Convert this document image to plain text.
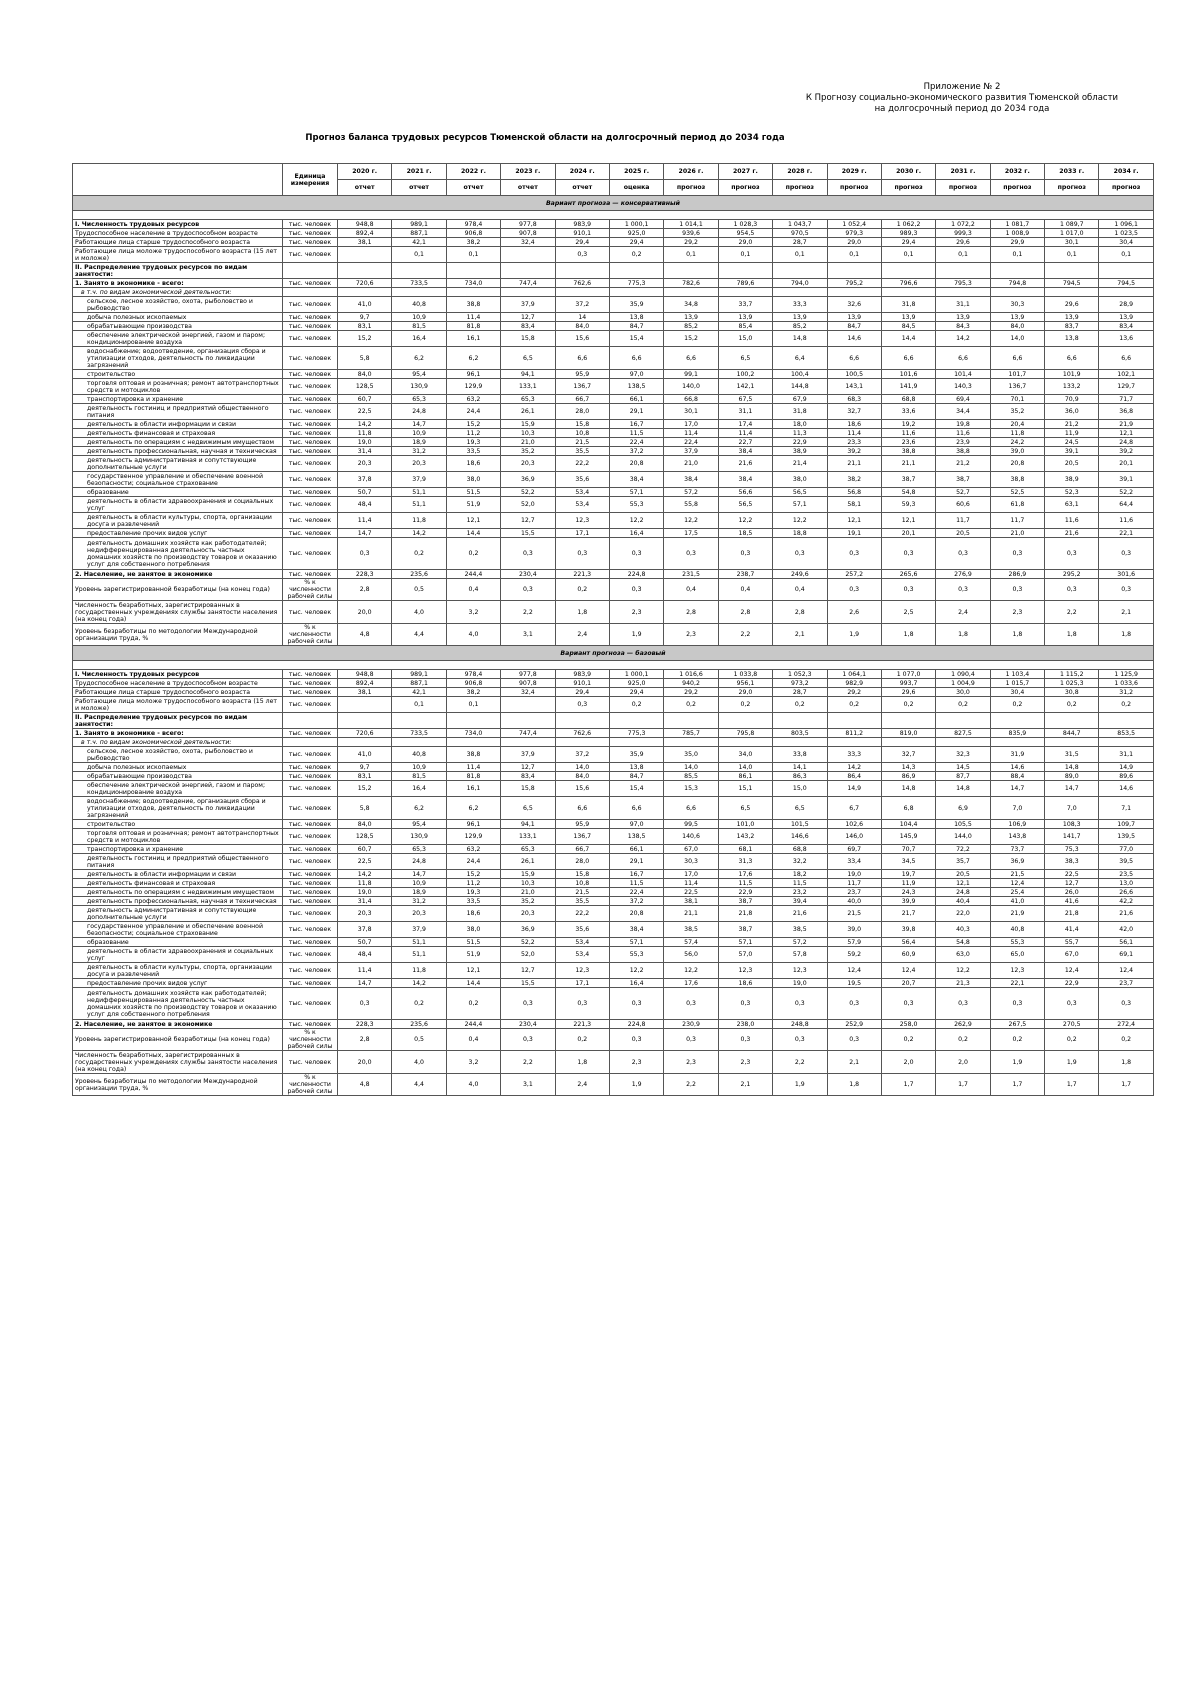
Приложение № 2
К Прогнозу социально-экономического развития Тюменской области
на долгосрочный период до 2034 года
Прогноз баланса трудовых ресурсов Тюменской области на долгосрочный период до 2034 года
	Единица измерения	2020 г.	2021 г.	2022 г.	2023 г.	2024 г.	2025 г.	2026 г.	2027 г.	2028 г.	2029 г.	2030 г.	2031 г.	2032 г.	2033 г.	2034 г.
		отчет	отчет	отчет	отчет	отчет	оценка	прогноз	прогноз	прогноз	прогноз	прогноз	прогноз	прогноз	прогноз	прогноз
Вариант прогноза — консервативный																

I. Численность трудовых ресурсов	тыс. человек	948,8	989,1	978,4	977,8	983,9	1 000,1	1 014,1	1 028,3	1 043,7	1 052,4	1 062,2	1 072,2	1 081,7	1 089,7	1 096,1
Трудоспособное население в трудоспособном возрасте	тыс. человек	892,4	887,1	906,8	907,8	910,1	925,0	939,6	954,5	970,5	979,3	989,3	999,3	1 008,9	1 017,0	1 023,5
Работающие лица старше трудоспособного возраста	тыс. человек	38,1	42,1	38,2	32,4	29,4	29,4	29,2	29,0	28,7	29,0	29,4	29,6	29,9	30,1	30,4
Работающие лица моложе трудоспособного возраста (15 лет и моложе)	тыс. человек		0,1	0,1		0,3	0,2	0,1	0,1	0,1	0,1	0,1	0,1	0,1	0,1	0,1
II. Распределение трудовых ресурсов по видам занятости:																
1. Занято в экономике - всего:	тыс. человек	720,6	733,5	734,0	747,4	762,6	775,3	782,6	789,6	794,0	795,2	796,6	795,3	794,8	794,5	794,5
в т.ч. по видам экономической деятельности:																
сельское, лесное хозяйство, охота, рыболовство и рыбоводство	тыс. человек	41,0	40,8	38,8	37,9	37,2	35,9	34,8	33,7	33,3	32,6	31,8	31,1	30,3	29,6	28,9
добыча полезных ископаемых	тыс. человек	9,7	10,9	11,4	12,7	14	13,8	13,9	13,9	13,9	13,9	13,9	13,9	13,9	13,9	13,9
обрабатывающие производства	тыс. человек	83,1	81,5	81,8	83,4	84,0	84,7	85,2	85,4	85,2	84,7	84,5	84,3	84,0	83,7	83,4
обеспечение электрической энергией, газом и паром; кондиционирование воздуха	тыс. человек	15,2	16,4	16,1	15,8	15,6	15,4	15,2	15,0	14,8	14,6	14,4	14,2	14,0	13,8	13,6
водоснабжение; водоотведение, организация сбора и утилизации отходов, деятельность по ликвидации загрязнений	тыс. человек	5,8	6,2	6,2	6,5	6,6	6,6	6,6	6,5	6,4	6,6	6,6	6,6	6,6	6,6	6,6
строительство	тыс. человек	84,0	95,4	96,1	94,1	95,9	97,0	99,1	100,2	100,4	100,5	101,6	101,4	101,7	101,9	102,1
торговля оптовая и розничная; ремонт автотранспортных средств и мотоциклов	тыс. человек	128,5	130,9	129,9	133,1	136,7	138,5	140,0	142,1	144,8	143,1	141,9	140,3	136,7	133,2	129,7
транспортировка и хранение	тыс. человек	60,7	65,3	63,2	65,3	66,7	66,1	66,8	67,5	67,9	68,3	68,8	69,4	70,1	70,9	71,7
деятельность гостиниц и предприятий общественного питания	тыс. человек	22,5	24,8	24,4	26,1	28,0	29,1	30,1	31,1	31,8	32,7	33,6	34,4	35,2	36,0	36,8
деятельность в области информации и связи	тыс. человек	14,2	14,7	15,2	15,9	15,8	16,7	17,0	17,4	18,0	18,6	19,2	19,8	20,4	21,2	21,9
деятельность финансовая и страховая	тыс. человек	11,8	10,9	11,2	10,3	10,8	11,5	11,4	11,4	11,3	11,4	11,6	11,6	11,8	11,9	12,1
деятельность по операциям с недвижимым имуществом	тыс. человек	19,0	18,9	19,3	21,0	21,5	22,4	22,4	22,7	22,9	23,3	23,6	23,9	24,2	24,5	24,8
деятельность профессиональная, научная и техническая	тыс. человек	31,4	31,2	33,5	35,2	35,5	37,2	37,9	38,4	38,9	39,2	38,8	38,8	39,0	39,1	39,2
деятельность административная и сопутствующие дополнительные услуги	тыс. человек	20,3	20,3	18,6	20,3	22,2	20,8	21,0	21,6	21,4	21,1	21,1	21,2	20,8	20,5	20,1
государственное управление и обеспечение военной безопасности; социальное страхование	тыс. человек	37,8	37,9	38,0	36,9	35,6	38,4	38,4	38,4	38,0	38,2	38,7	38,7	38,8	38,9	39,1
образование	тыс. человек	50,7	51,1	51,5	52,2	53,4	57,1	57,2	56,6	56,5	56,8	54,8	52,7	52,5	52,3	52,2
деятельность в области здравоохранения и социальных услуг	тыс. человек	48,4	51,1	51,9	52,0	53,4	55,3	55,8	56,5	57,1	58,1	59,3	60,6	61,8	63,1	64,4
деятельность в области культуры, спорта, организации досуга и развлечений	тыс. человек	11,4	11,8	12,1	12,7	12,3	12,2	12,2	12,2	12,2	12,1	12,1	11,7	11,7	11,6	11,6
предоставление прочих видов услуг	тыс. человек	14,7	14,2	14,4	15,5	17,1	16,4	17,5	18,5	18,8	19,1	20,1	20,5	21,0	21,6	22,1
деятельность домашних хозяйств как работодателей; недифференцированная деятельность частных домашних хозяйств по производству товаров и оказанию услуг для собственного потребления	тыс. человек	0,3	0,2	0,2	0,3	0,3	0,3	0,3	0,3	0,3	0,3	0,3	0,3	0,3	0,3	0,3
2. Население, не занятое в экономике	тыс. человек	228,3	235,6	244,4	230,4	221,3	224,8	231,5	238,7	249,6	257,2	265,6	276,9	286,9	295,2	301,6
Уровень зарегистрированной безработицы (на конец года)	% к численности рабочей силы	2,8	0,5	0,4	0,3	0,2	0,3	0,4	0,4	0,4	0,3	0,3	0,3	0,3	0,3	0,3
Численность безработных, зарегистрированных в государственных учреждениях службы занятости населения (на конец года)	тыс. человек	20,0	4,0	3,2	2,2	1,8	2,3	2,8	2,8	2,8	2,6	2,5	2,4	2,3	2,2	2,1
Уровень безработицы по методологии Международной организации труда, %	% к численности рабочей силы	4,8	4,4	4,0	3,1	2,4	1,9	2,3	2,2	2,1	1,9	1,8	1,8	1,8	1,8	1,8
Вариант прогноза — базовый																

I. Численность трудовых ресурсов	тыс. человек	948,8	989,1	978,4	977,8	983,9	1 000,1	1 016,6	1 033,8	1 052,3	1 064,1	1 077,0	1 090,4	1 103,4	1 115,2	1 125,9
Трудоспособное население в трудоспособном возрасте	тыс. человек	892,4	887,1	906,8	907,8	910,1	925,0	940,2	956,1	973,2	982,9	993,7	1 004,9	1 015,7	1 025,3	1 033,6
Работающие лица старше трудоспособного возраста	тыс. человек	38,1	42,1	38,2	32,4	29,4	29,4	29,2	29,0	28,7	29,2	29,6	30,0	30,4	30,8	31,2
Работающие лица моложе трудоспособного возраста (15 лет и моложе)	тыс. человек		0,1	0,1		0,3	0,2	0,2	0,2	0,2	0,2	0,2	0,2	0,2	0,2	0,2
II. Распределение трудовых ресурсов по видам занятости:																
1. Занято в экономике - всего:	тыс. человек	720,6	733,5	734,0	747,4	762,6	775,3	785,7	795,8	803,5	811,2	819,0	827,5	835,9	844,7	853,5
в т.ч. по видам экономической деятельности:																
сельское, лесное хозяйство, охота, рыболовство и рыбоводство	тыс. человек	41,0	40,8	38,8	37,9	37,2	35,9	35,0	34,0	33,8	33,3	32,7	32,3	31,9	31,5	31,1
добыча полезных ископаемых	тыс. человек	9,7	10,9	11,4	12,7	14,0	13,8	14,0	14,0	14,1	14,2	14,3	14,5	14,6	14,8	14,9
обрабатывающие производства	тыс. человек	83,1	81,5	81,8	83,4	84,0	84,7	85,5	86,1	86,3	86,4	86,9	87,7	88,4	89,0	89,6
обеспечение электрической энергией, газом и паром; кондиционирование воздуха	тыс. человек	15,2	16,4	16,1	15,8	15,6	15,4	15,3	15,1	15,0	14,9	14,8	14,8	14,7	14,7	14,6
водоснабжение; водоотведение, организация сбора и утилизации отходов, деятельность по ликвидации загрязнений	тыс. человек	5,8	6,2	6,2	6,5	6,6	6,6	6,6	6,5	6,5	6,7	6,8	6,9	7,0	7,0	7,1
строительство	тыс. человек	84,0	95,4	96,1	94,1	95,9	97,0	99,5	101,0	101,5	102,6	104,4	105,5	106,9	108,3	109,7
торговля оптовая и розничная; ремонт автотранспортных средств и мотоциклов	тыс. человек	128,5	130,9	129,9	133,1	136,7	138,5	140,6	143,2	146,6	146,0	145,9	144,0	143,8	141,7	139,5
транспортировка и хранение	тыс. человек	60,7	65,3	63,2	65,3	66,7	66,1	67,0	68,1	68,8	69,7	70,7	72,2	73,7	75,3	77,0
деятельность гостиниц и предприятий общественного питания	тыс. человек	22,5	24,8	24,4	26,1	28,0	29,1	30,3	31,3	32,2	33,4	34,5	35,7	36,9	38,3	39,5
деятельность в области информации и связи	тыс. человек	14,2	14,7	15,2	15,9	15,8	16,7	17,0	17,6	18,2	19,0	19,7	20,5	21,5	22,5	23,5
деятельность финансовая и страховая	тыс. человек	11,8	10,9	11,2	10,3	10,8	11,5	11,4	11,5	11,5	11,7	11,9	12,1	12,4	12,7	13,0
деятельность по операциям с недвижимым имуществом	тыс. человек	19,0	18,9	19,3	21,0	21,5	22,4	22,5	22,9	23,2	23,7	24,3	24,8	25,4	26,0	26,6
деятельность профессиональная, научная и техническая	тыс. человек	31,4	31,2	33,5	35,2	35,5	37,2	38,1	38,7	39,4	40,0	39,9	40,4	41,0	41,6	42,2
деятельность административная и сопутствующие дополнительные услуги	тыс. человек	20,3	20,3	18,6	20,3	22,2	20,8	21,1	21,8	21,6	21,5	21,7	22,0	21,9	21,8	21,6
государственное управление и обеспечение военной безопасности; социальное страхование	тыс. человек	37,8	37,9	38,0	36,9	35,6	38,4	38,5	38,7	38,5	39,0	39,8	40,3	40,8	41,4	42,0
образование	тыс. человек	50,7	51,1	51,5	52,2	53,4	57,1	57,4	57,1	57,2	57,9	56,4	54,8	55,3	55,7	56,1
деятельность в области здравоохранения и социальных услуг	тыс. человек	48,4	51,1	51,9	52,0	53,4	55,3	56,0	57,0	57,8	59,2	60,9	63,0	65,0	67,0	69,1
деятельность в области культуры, спорта, организации досуга и развлечений	тыс. человек	11,4	11,8	12,1	12,7	12,3	12,2	12,2	12,3	12,3	12,4	12,4	12,2	12,3	12,4	12,4
предоставление прочих видов услуг	тыс. человек	14,7	14,2	14,4	15,5	17,1	16,4	17,6	18,6	19,0	19,5	20,7	21,3	22,1	22,9	23,7
деятельность домашних хозяйств как работодателей; недифференцированная деятельность частных домашних хозяйств по производству товаров и оказанию услуг для собственного потребления	тыс. человек	0,3	0,2	0,2	0,3	0,3	0,3	0,3	0,3	0,3	0,3	0,3	0,3	0,3	0,3	0,3
2. Население, не занятое в экономике	тыс. человек	228,3	235,6	244,4	230,4	221,3	224,8	230,9	238,0	248,8	252,9	258,0	262,9	267,5	270,5	272,4
Уровень зарегистрированной безработицы (на конец года)	% к численности рабочей силы	2,8	0,5	0,4	0,3	0,2	0,3	0,3	0,3	0,3	0,3	0,2	0,2	0,2	0,2	0,2
Численность безработных, зарегистрированных в государственных учреждениях службы занятости населения (на конец года)	тыс. человек	20,0	4,0	3,2	2,2	1,8	2,3	2,3	2,3	2,2	2,1	2,0	2,0	1,9	1,9	1,8
Уровень безработицы по методологии Международной организации труда, %	% к численности рабочей силы	4,8	4,4	4,0	3,1	2,4	1,9	2,2	2,1	1,9	1,8	1,7	1,7	1,7	1,7	1,7
